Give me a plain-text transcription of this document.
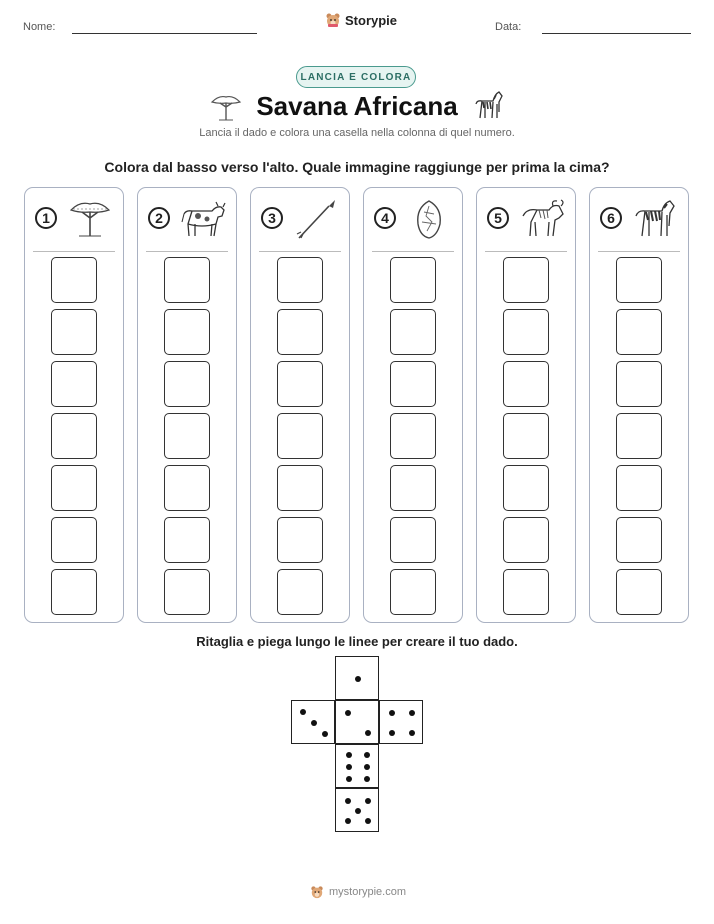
Nome:	Storypie	Data:
LANCIA E COLORA
Savana Africana
Lancia il dado e colora una casella nella colonna di quel numero.
Colora dal basso verso l'alto. Quale immagine raggiunge per prima la cima?
1	2	3	4	5	6
Ritaglia e piega lungo le linee per creare il tuo dado.
mystorypie.com
